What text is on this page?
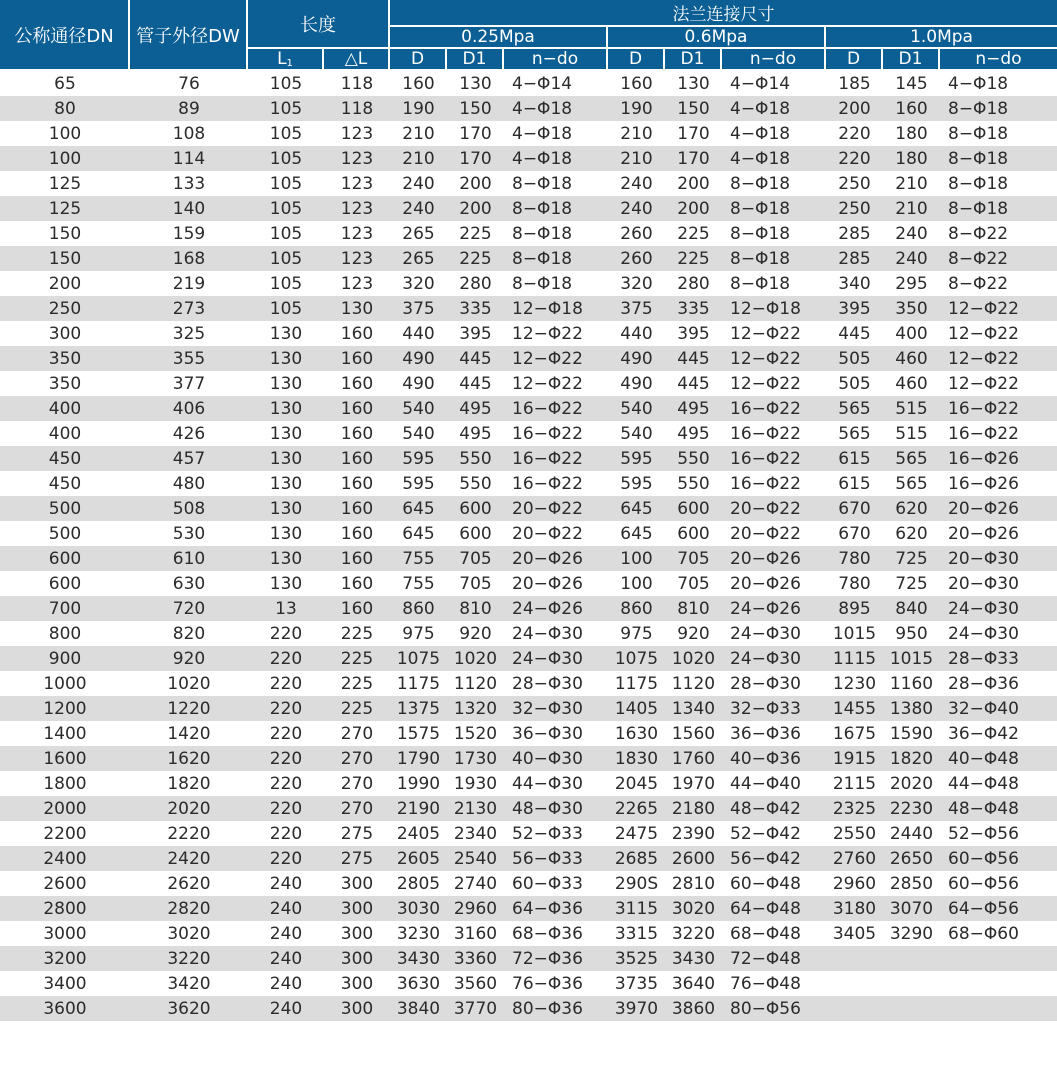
公称通径DN	管子外径DW	长度		法兰连接尺寸								
				0.25Mpa			0.6Mpa			1.0Mpa		
		$L_1$	△L	D	D1	n−do	D	D1	n−do	D	D1	n−do
65	76	105	118	160	130	4−Φ14	160	130	4−Φ14	185	145	4−Φ18
80	89	105	118	190	150	4−Φ18	190	150	4−Φ18	200	160	8−Φ18
100	108	105	123	210	170	4−Φ18	210	170	4−Φ18	220	180	8−Φ18
100	114	105	123	210	170	4−Φ18	210	170	4−Φ18	220	180	8−Φ18
125	133	105	123	240	200	8−Φ18	240	200	8−Φ18	250	210	8−Φ18
125	140	105	123	240	200	8−Φ18	240	200	8−Φ18	250	210	8−Φ18
150	159	105	123	265	225	8−Φ18	260	225	8−Φ18	285	240	8−Φ22
150	168	105	123	265	225	8−Φ18	260	225	8−Φ18	285	240	8−Φ22
200	219	105	123	320	280	8−Φ18	320	280	8−Φ18	340	295	8−Φ22
250	273	105	130	375	335	12−Φ18	375	335	12−Φ18	395	350	12−Φ22
300	325	130	160	440	395	12−Φ22	440	395	12−Φ22	445	400	12−Φ22
350	355	130	160	490	445	12−Φ22	490	445	12−Φ22	505	460	12−Φ22
350	377	130	160	490	445	12−Φ22	490	445	12−Φ22	505	460	12−Φ22
400	406	130	160	540	495	16−Φ22	540	495	16−Φ22	565	515	16−Φ22
400	426	130	160	540	495	16−Φ22	540	495	16−Φ22	565	515	16−Φ22
450	457	130	160	595	550	16−Φ22	595	550	16−Φ22	615	565	16−Φ26
450	480	130	160	595	550	16−Φ22	595	550	16−Φ22	615	565	16−Φ26
500	508	130	160	645	600	20−Φ22	645	600	20−Φ22	670	620	20−Φ26
500	530	130	160	645	600	20−Φ22	645	600	20−Φ22	670	620	20−Φ26
600	610	130	160	755	705	20−Φ26	100	705	20−Φ26	780	725	20−Φ30
600	630	130	160	755	705	20−Φ26	100	705	20−Φ26	780	725	20−Φ30
700	720	13	160	860	810	24−Φ26	860	810	24−Φ26	895	840	24−Φ30
800	820	220	225	975	920	24−Φ30	975	920	24−Φ30	1015	950	24−Φ30
900	920	220	225	1075	1020	24−Φ30	1075	1020	24−Φ30	1115	1015	28−Φ33
1000	1020	220	225	1175	1120	28−Φ30	1175	1120	28−Φ30	1230	1160	28−Φ36
1200	1220	220	225	1375	1320	32−Φ30	1405	1340	32−Φ33	1455	1380	32−Φ40
1400	1420	220	270	1575	1520	36−Φ30	1630	1560	36−Φ36	1675	1590	36−Φ42
1600	1620	220	270	1790	1730	40−Φ30	1830	1760	40−Φ36	1915	1820	40−Φ48
1800	1820	220	270	1990	1930	44−Φ30	2045	1970	44−Φ40	2115	2020	44−Φ48
2000	2020	220	270	2190	2130	48−Φ30	2265	2180	48−Φ42	2325	2230	48−Φ48
2200	2220	220	275	2405	2340	52−Φ33	2475	2390	52−Φ42	2550	2440	52−Φ56
2400	2420	220	275	2605	2540	56−Φ33	2685	2600	56−Φ42	2760	2650	60−Φ56
2600	2620	240	300	2805	2740	60−Φ33	290S	2810	60−Φ48	2960	2850	60−Φ56
2800	2820	240	300	3030	2960	64−Φ36	3115	3020	64−Φ48	3180	3070	64−Φ56
3000	3020	240	300	3230	3160	68−Φ36	3315	3220	68−Φ48	3405	3290	68−Φ60
3200	3220	240	300	3430	3360	72−Φ36	3525	3430	72−Φ48			
3400	3420	240	300	3630	3560	76−Φ36	3735	3640	76−Φ48			
3600	3620	240	300	3840	3770	80−Φ36	3970	3860	80−Φ56			
